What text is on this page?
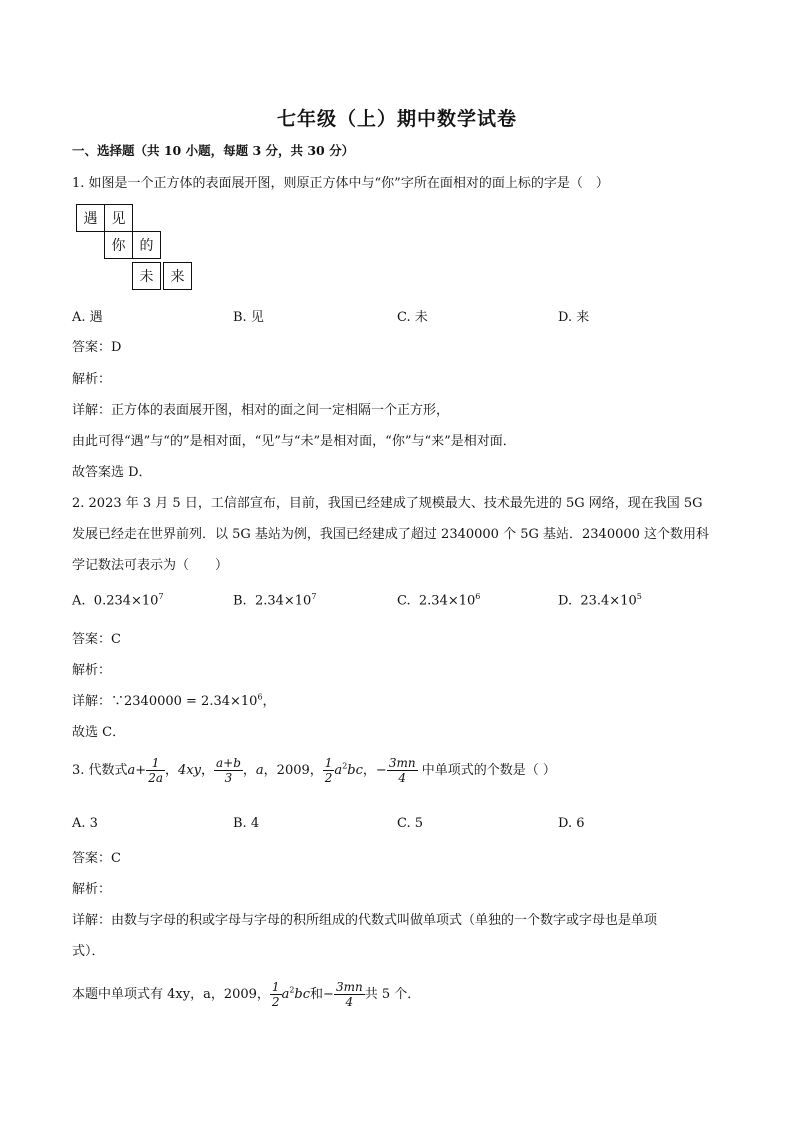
七年级（上）期中数学试卷
一、选择题（共 10 小题，每题 3 分，共 30 分）
1. 如图是一个正方体的表面展开图，则原正方体中与“你”字所在面相对的面上标的字是（　）
遇	见
你	的
未	来
A. 遇	B. 见	C. 未	D. 来
答案：D
解析：
详解：正方体的表面展开图，相对的面之间一定相隔一个正方形，
由此可得“遇”与“的”是相对面，“见”与“未”是相对面，“你”与“来”是相对面．
故答案选 D．
2. 2023 年 3 月 5 日，工信部宣布，目前，我国已经建成了规模最大、技术最先进的 5G 网络，现在我国 5G
发展已经走在世界前列．以 5G 基站为例，我国已经建成了超过 2340000 个 5G 基站．2340000 这个数用科
学记数法可表示为（　　）
A. $0.234\times 10^7$	B. $2.34\times 10^7$	C. $2.34\times 10^6$	D. $23.4\times 10^5$
答案：C
解析：
详解：∵2340000 = $2.34\times 10^6$，
故选 C．
3. 代数式$a+ \frac{1}{2a}$ ，4xy， $\frac{a+b}{3}$ ，a，2009， $\frac{1}{2} a^2bc$，− $\frac{3mn}{4}$ 中单项式的个数是（ ）
A. 3	B. 4	C. 5	D. 6
答案：C
解析：
详解：由数与字母的积或字母与字母的积所组成的代数式叫做单项式（单独的一个数字或字母也是单项
式）．
本题中单项式有 4xy，a，2009， $\frac{1}{2} a^2bc$和− $\frac{3mn}{4}$ 共 5 个．
